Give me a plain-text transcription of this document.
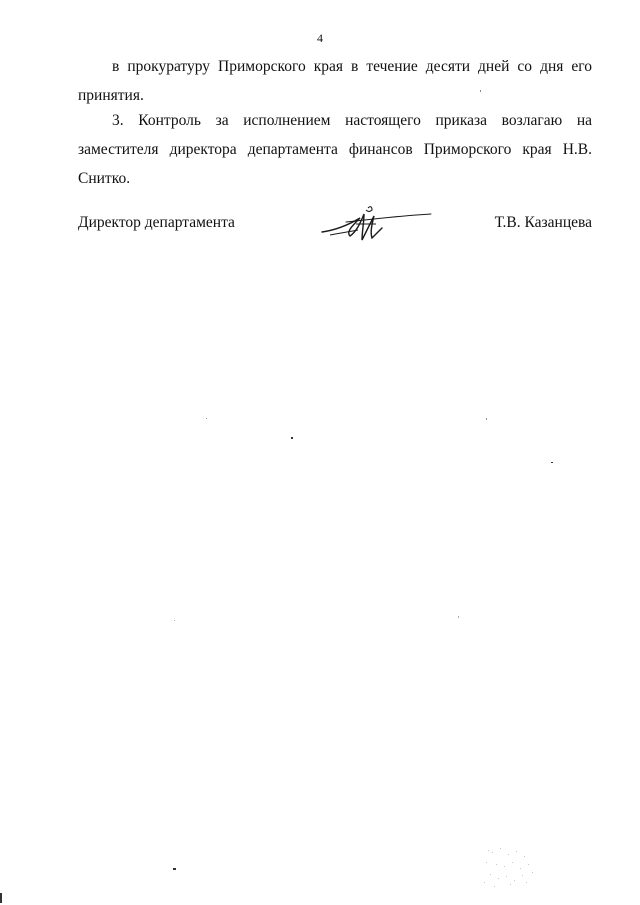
4

в прокуратуру Приморского края в течение десяти дней со дня его принятия.

3. Контроль за исполнением настоящего приказа возлагаю на заместителя директора департамента финансов Приморского края Н.В. Снитко.

Директор департамента	Т.В. Казанцева
